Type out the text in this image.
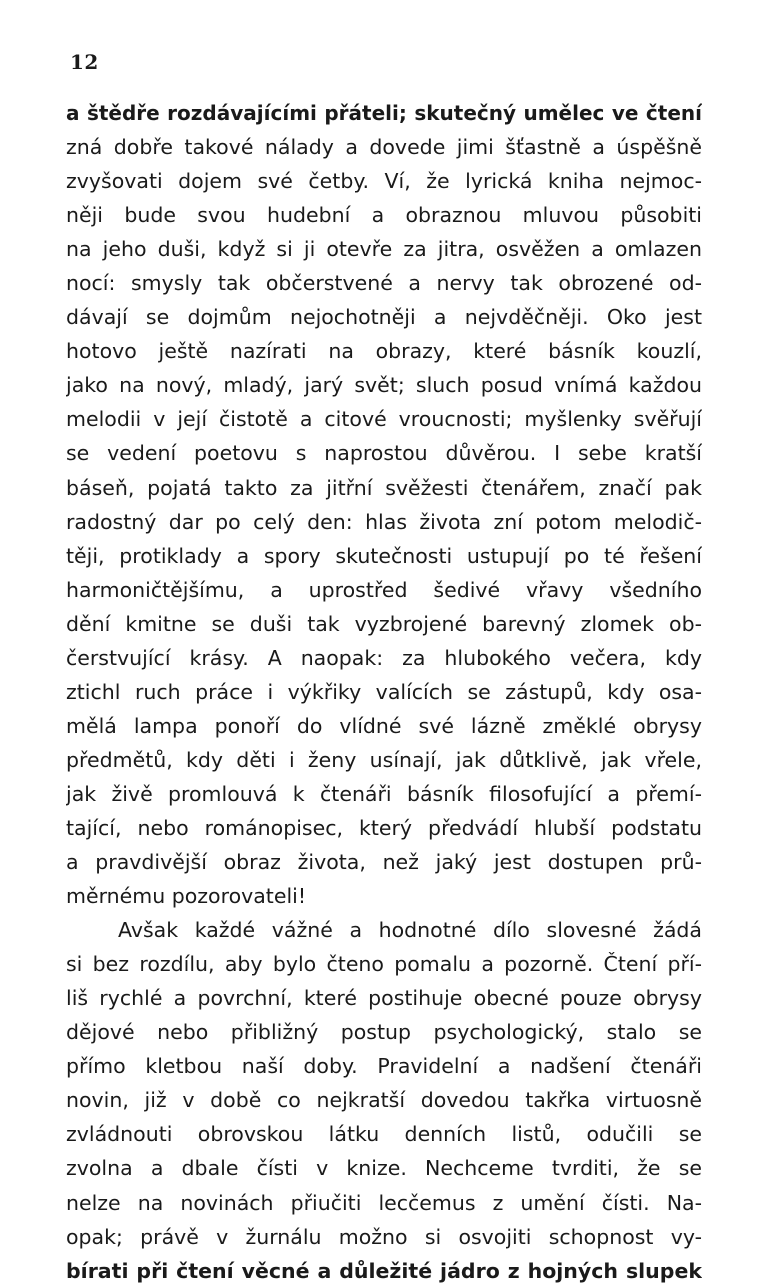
12
a štědře rozdávajícími přáteli; skutečný umělec ve čtení
zná dobře takové nálady a dovede jimi šťastně a úspěšně
zvyšovati dojem své četby. Ví, že lyrická kniha nejmoc-
něji bude svou hudební a obraznou mluvou působiti
na jeho duši, když si ji otevře za jitra, osvěžen a omlazen
nocí: smysly tak občerstvené a nervy tak obrozené od-
dávají se dojmům nejochotněji a nejvděčněji. Oko jest
hotovo ještě nazírati na obrazy, které básník kouzlí,
jako na nový, mladý, jarý svět; sluch posud vnímá každou
melodii v její čistotě a citové vroucnosti; myšlenky svěřují
se vedení poetovu s naprostou důvěrou. I sebe kratší
báseň, pojatá takto za jitřní svěžesti čtenářem, značí pak
radostný dar po celý den: hlas života zní potom melodič-
těji, protiklady a spory skutečnosti ustupují po té řešení
harmoničtějšímu, a uprostřed šedivé vřavy všedního
dění kmitne se duši tak vyzbrojené barevný zlomek ob-
čerstvující krásy. A naopak: za hlubokého večera, kdy
ztichl ruch práce i výkřiky valících se zástupů, kdy osa-
mělá lampa ponoří do vlídné své lázně změklé obrysy
předmětů, kdy děti i ženy usínají, jak důtklivě, jak vřele,
jak živě promlouvá k čtenáři básník filosofující a přemí-
tající, nebo románopisec, který předvádí hlubší podstatu
a pravdivější obraz života, než jaký jest dostupen prů-
měrnému pozorovateli!
Avšak každé vážné a hodnotné dílo slovesné žádá
si bez rozdílu, aby bylo čteno pomalu a pozorně. Čtení pří-
liš rychlé a povrchní, které postihuje obecné pouze obrysy
dějové nebo přibližný postup psychologický, stalo se
přímo kletbou naší doby. Pravidelní a nadšení čtenáři
novin, již v době co nejkratší dovedou takřka virtuosně
zvládnouti obrovskou látku denních listů, odučili se
zvolna a dbale čísti v knize. Nechceme tvrditi, že se
nelze na novinách přiučiti lecčemus z umění čísti. Na-
opak; právě v žurnálu možno si osvojiti schopnost vy-
bírati při čtení věcné a důležité jádro z hojných slupek
